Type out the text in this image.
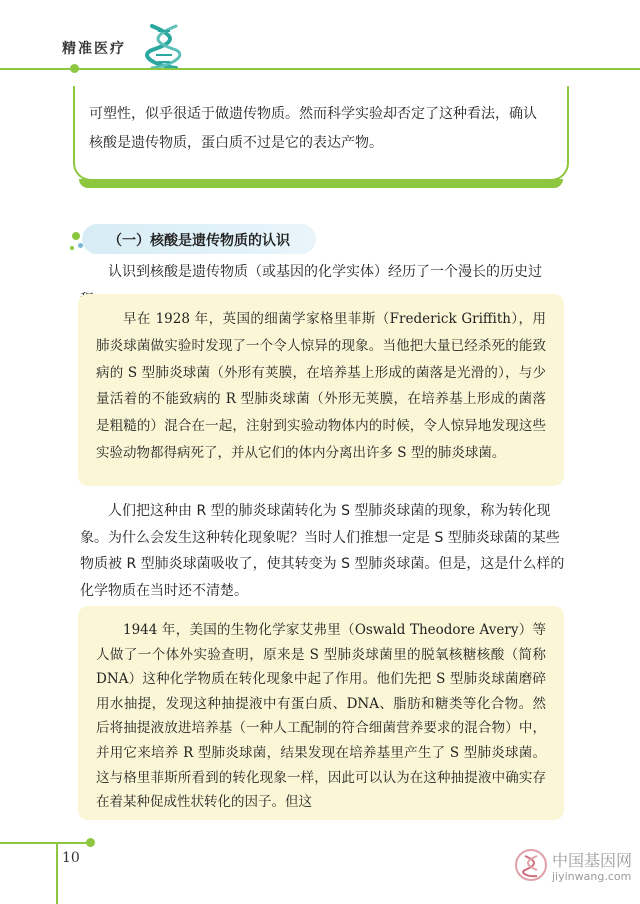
精准医疗

可塑性，似乎很适于做遗传物质。然而科学实验却否定了这种看法，确认核酸是遗传物质，蛋白质不过是它的表达产物。

（一）核酸是遗传物质的认识

认识到核酸是遗传物质（或基因的化学实体）经历了一个漫长的历史过

早在 1928 年，英国的细菌学家格里菲斯（Frederick Griffith），用肺炎球菌做实验时发现了一个令人惊异的现象。当他把大量已经杀死的能致病的 S 型肺炎球菌（外形有荚膜，在培养基上形成的菌落是光滑的），与少量活着的不能致病的 R 型肺炎球菌（外形无荚膜，在培养基上形成的菌落是粗糙的）混合在一起，注射到实验动物体内的时候，令人惊异地发现这些实验动物都得病死了，并从它们的体内分离出许多 S 型的肺炎球菌。

人们把这种由 R 型的肺炎球菌转化为 S 型肺炎球菌的现象，称为转化现象。为什么会发生这种转化现象呢？当时人们推想一定是 S 型肺炎球菌的某些物质被 R 型肺炎球菌吸收了，使其转变为 S 型肺炎球菌。但是，这是什么样的化学物质在当时还不清楚。

1944 年，美国的生物化学家艾弗里（Oswald Theodore Avery）等人做了一个体外实验查明，原来是 S 型肺炎球菌里的脱氧核糖核酸（简称 DNA）这种化学物质在转化现象中起了作用。他们先把 S 型肺炎球菌磨碎用水抽提，发现这种抽提液中有蛋白质、DNA、脂肪和糖类等化合物。然后将抽提液放进培养基（一种人工配制的符合细菌营养要求的混合物）中，并用它来培养 R 型肺炎球菌，结果发现在培养基里产生了 S 型肺炎球菌。这与格里菲斯所看到的转化现象一样，因此可以认为在这种抽提液中确实存在着某种促成性状转化的因子。但这

10	中国基因网
jiyinwang.com
